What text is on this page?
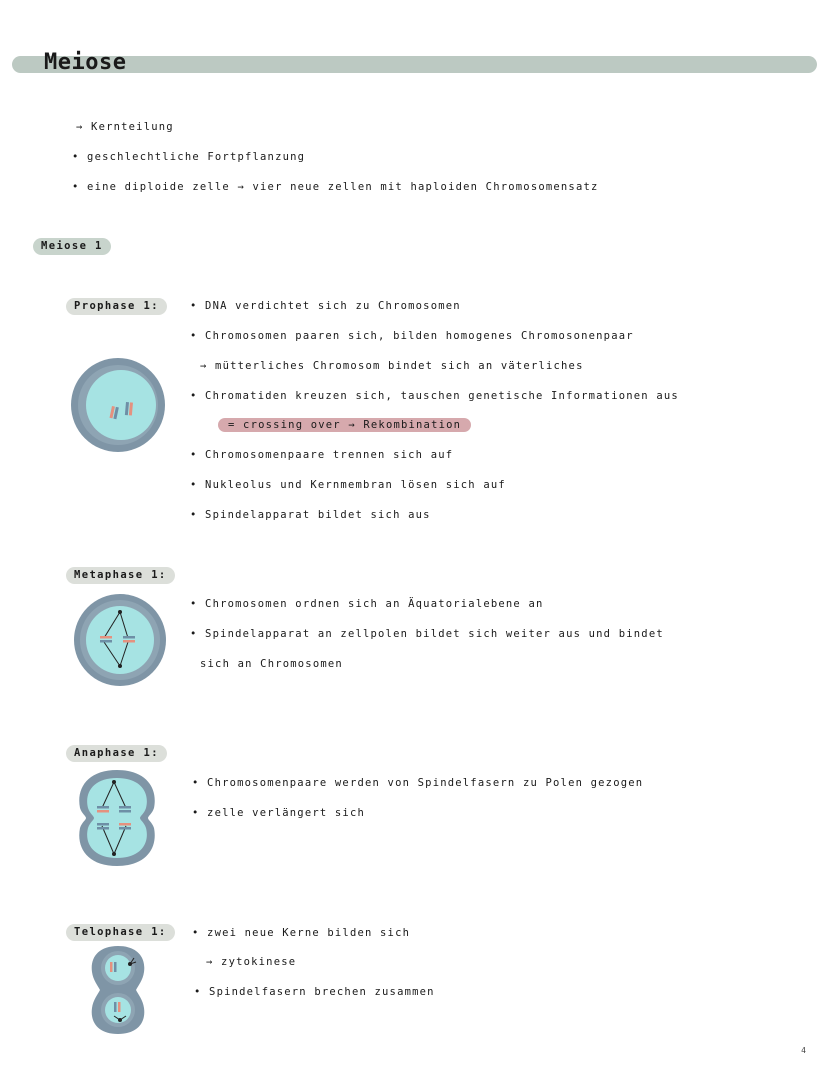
Meiose
→ Kernteilung
• geschlechtliche Fortpflanzung
• eine diploide zelle → vier neue zellen mit haploiden Chromosomensatz
Meiose 1
Prophase 1:	• DNA verdichtet sich zu Chromosomen
• Chromosomen paaren sich, bilden homogenes Chromosonenpaar
→ mütterliches Chromosom bindet sich an väterliches
• Chromatiden kreuzen sich, tauschen genetische Informationen aus
= crossing over → Rekombination
• Chromosomenpaare trennen sich auf
• Nukleolus und Kernmembran lösen sich auf
• Spindelapparat bildet sich aus
Metaphase 1:
• Chromosomen ordnen sich an Äquatorialebene an
• Spindelapparat an zellpolen bildet sich weiter aus und bindet
sich an Chromosomen
Anaphase 1:
• Chromosomenpaare werden von Spindelfasern zu Polen gezogen
• zelle verlängert sich
Telophase 1:	• zwei neue Kerne bilden sich
→ zytokinese
• Spindelfasern brechen zusammen
4
